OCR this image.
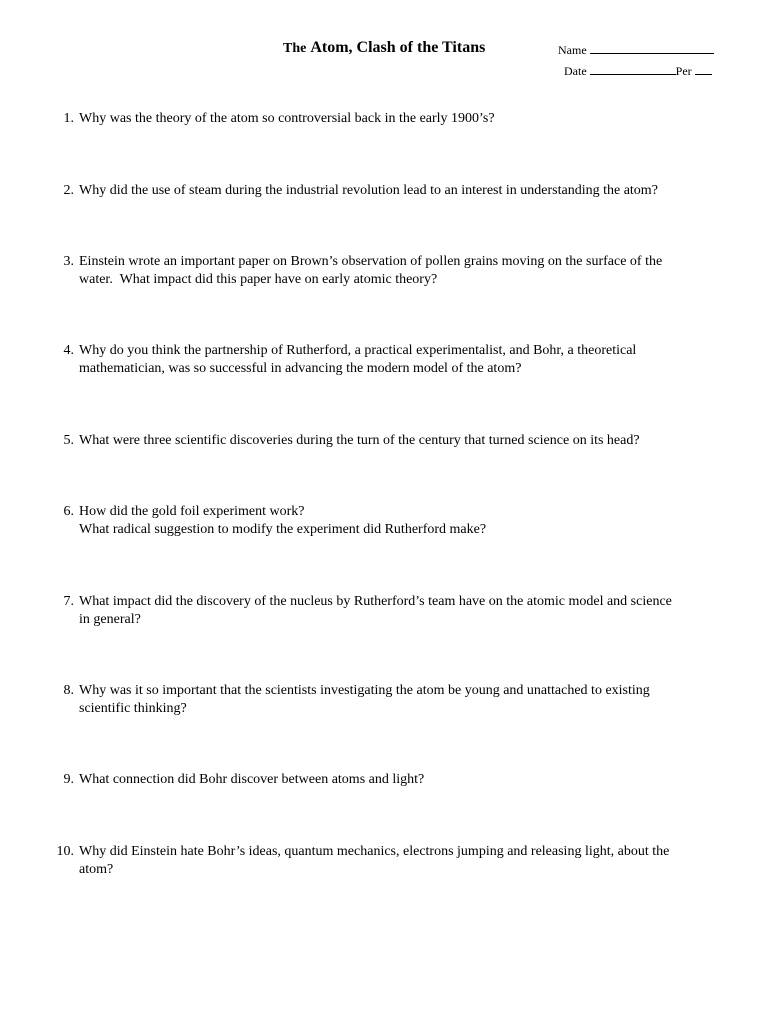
The Atom, Clash of the Titans	Name
Date	Per
1. Why was the theory of the atom so controversial back in the early 1900’s?
2. Why did the use of steam during the industrial revolution lead to an interest in understanding the atom?
3. Einstein wrote an important paper on Brown’s observation of pollen grains moving on the surface of the
water.  What impact did this paper have on early atomic theory?
4. Why do you think the partnership of Rutherford, a practical experimentalist, and Bohr, a theoretical
mathematician, was so successful in advancing the modern model of the atom?
5. What were three scientific discoveries during the turn of the century that turned science on its head?
6. How did the gold foil experiment work?
What radical suggestion to modify the experiment did Rutherford make?
7. What impact did the discovery of the nucleus by Rutherford’s team have on the atomic model and science
in general?
8. Why was it so important that the scientists investigating the atom be young and unattached to existing
scientific thinking?
9. What connection did Bohr discover between atoms and light?
10. Why did Einstein hate Bohr’s ideas, quantum mechanics, electrons jumping and releasing light, about the
atom?
